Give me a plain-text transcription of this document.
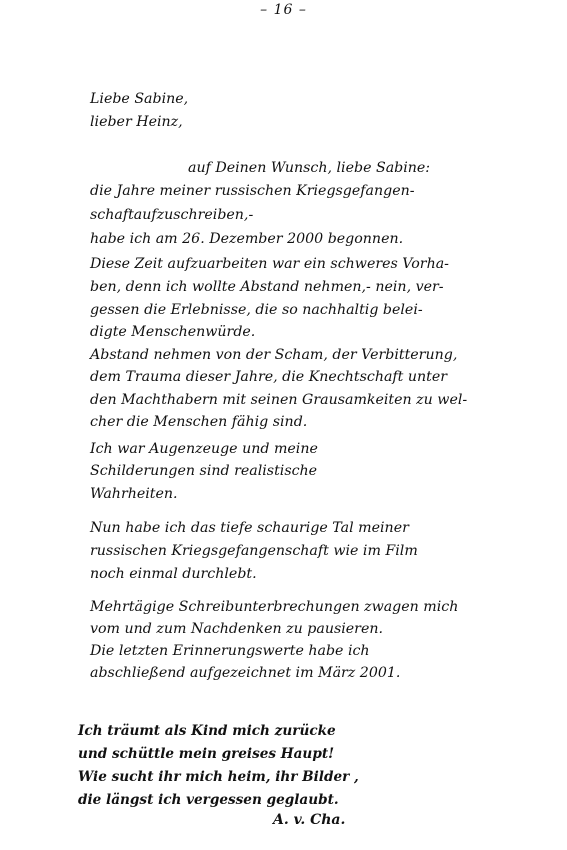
– 16 –
Liebe Sabine,
lieber Heinz,
auf Deinen Wunsch, liebe Sabine:
die Jahre meiner russischen Kriegsgefangen-
schaftaufzuschreiben,-
habe ich am 26. Dezember 2000 begonnen.
Diese Zeit aufzuarbeiten war ein schweres Vorha-
ben, denn ich wollte Abstand nehmen,- nein, ver-
gessen die Erlebnisse, die so nachhaltig belei-
digte Menschenwürde.
Abstand nehmen von der Scham, der Verbitterung,
dem Trauma dieser Jahre, die Knechtschaft unter
den Machthabern mit seinen Grausamkeiten zu wel-
cher die Menschen fähig sind.
Ich war Augenzeuge und meine
Schilderungen sind realistische
Wahrheiten.
Nun habe ich das tiefe schaurige Tal meiner
russischen Kriegsgefangenschaft wie im Film
noch einmal durchlebt.
Mehrtägige Schreibunterbrechungen zwagen mich
vom und zum Nachdenken zu pausieren.
Die letzten Erinnerungswerte habe ich
abschließend aufgezeichnet im März 2001.
Ich träumt als Kind mich zurücke
und schüttle mein greises Haupt!
Wie sucht ihr mich heim, ihr Bilder ,
die längst ich vergessen geglaubt.
A. v. Cha.
